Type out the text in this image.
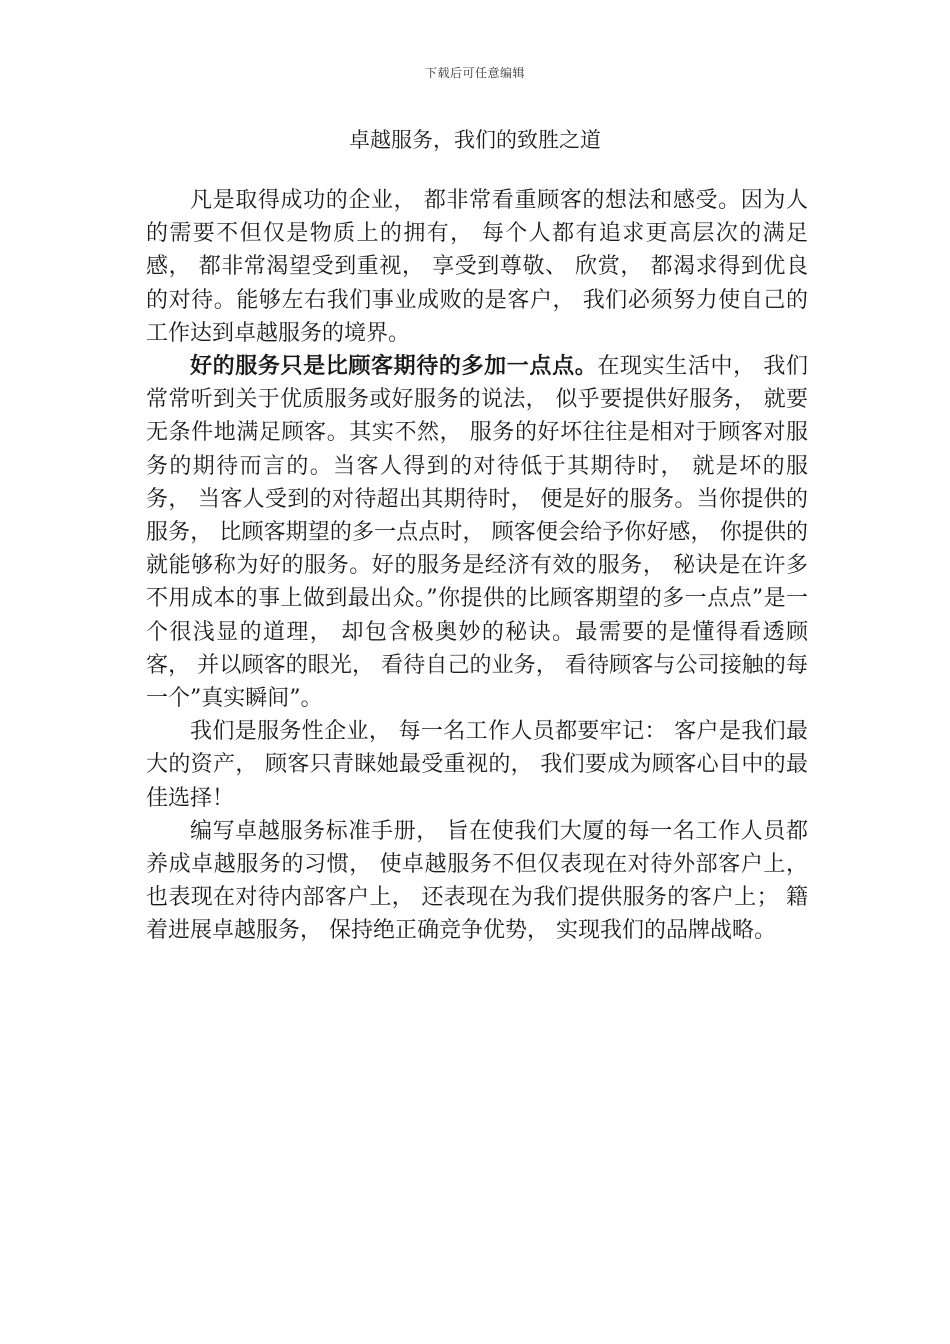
下载后可任意编辑
卓越服务，我们的致胜之道

凡是取得成功的企业， 都非常看重顾客的想法和感受。因为人的需要不但仅是物质上的拥有， 每个人都有追求更高层次的满足感， 都非常渴望受到重视， 享受到尊敬、 欣赏， 都渴求得到优良的对待。能够左右我们事业成败的是客户， 我们必须努力使自己的工作达到卓越服务的境界。

好的服务只是比顾客期待的多加一点点。在现实生活中， 我们常常听到关于优质服务或好服务的说法， 似乎要提供好服务， 就要无条件地满足顾客。其实不然， 服务的好坏往往是相对于顾客对服务的期待而言的。当客人得到的对待低于其期待时， 就是坏的服务， 当客人受到的对待超出其期待时， 便是好的服务。当你提供的服务， 比顾客期望的多一点点时， 顾客便会给予你好感， 你提供的就能够称为好的服务。好的服务是经济有效的服务， 秘诀是在许多不用成本的事上做到最出众。”你提供的比顾客期望的多一点点”是一个很浅显的道理， 却包含极奥妙的秘诀。最需要的是懂得看透顾客， 并以顾客的眼光， 看待自己的业务， 看待顾客与公司接触的每一个”真实瞬间”。

我们是服务性企业， 每一名工作人员都要牢记： 客户是我们最大的资产， 顾客只青睐她最受重视的， 我们要成为顾客心目中的最佳选择！

编写卓越服务标准手册， 旨在使我们大厦的每一名工作人员都养成卓越服务的习惯， 使卓越服务不但仅表现在对待外部客户上， 也表现在对待内部客户上， 还表现在为我们提供服务的客户上； 籍着进展卓越服务， 保持绝正确竞争优势， 实现我们的品牌战略。
